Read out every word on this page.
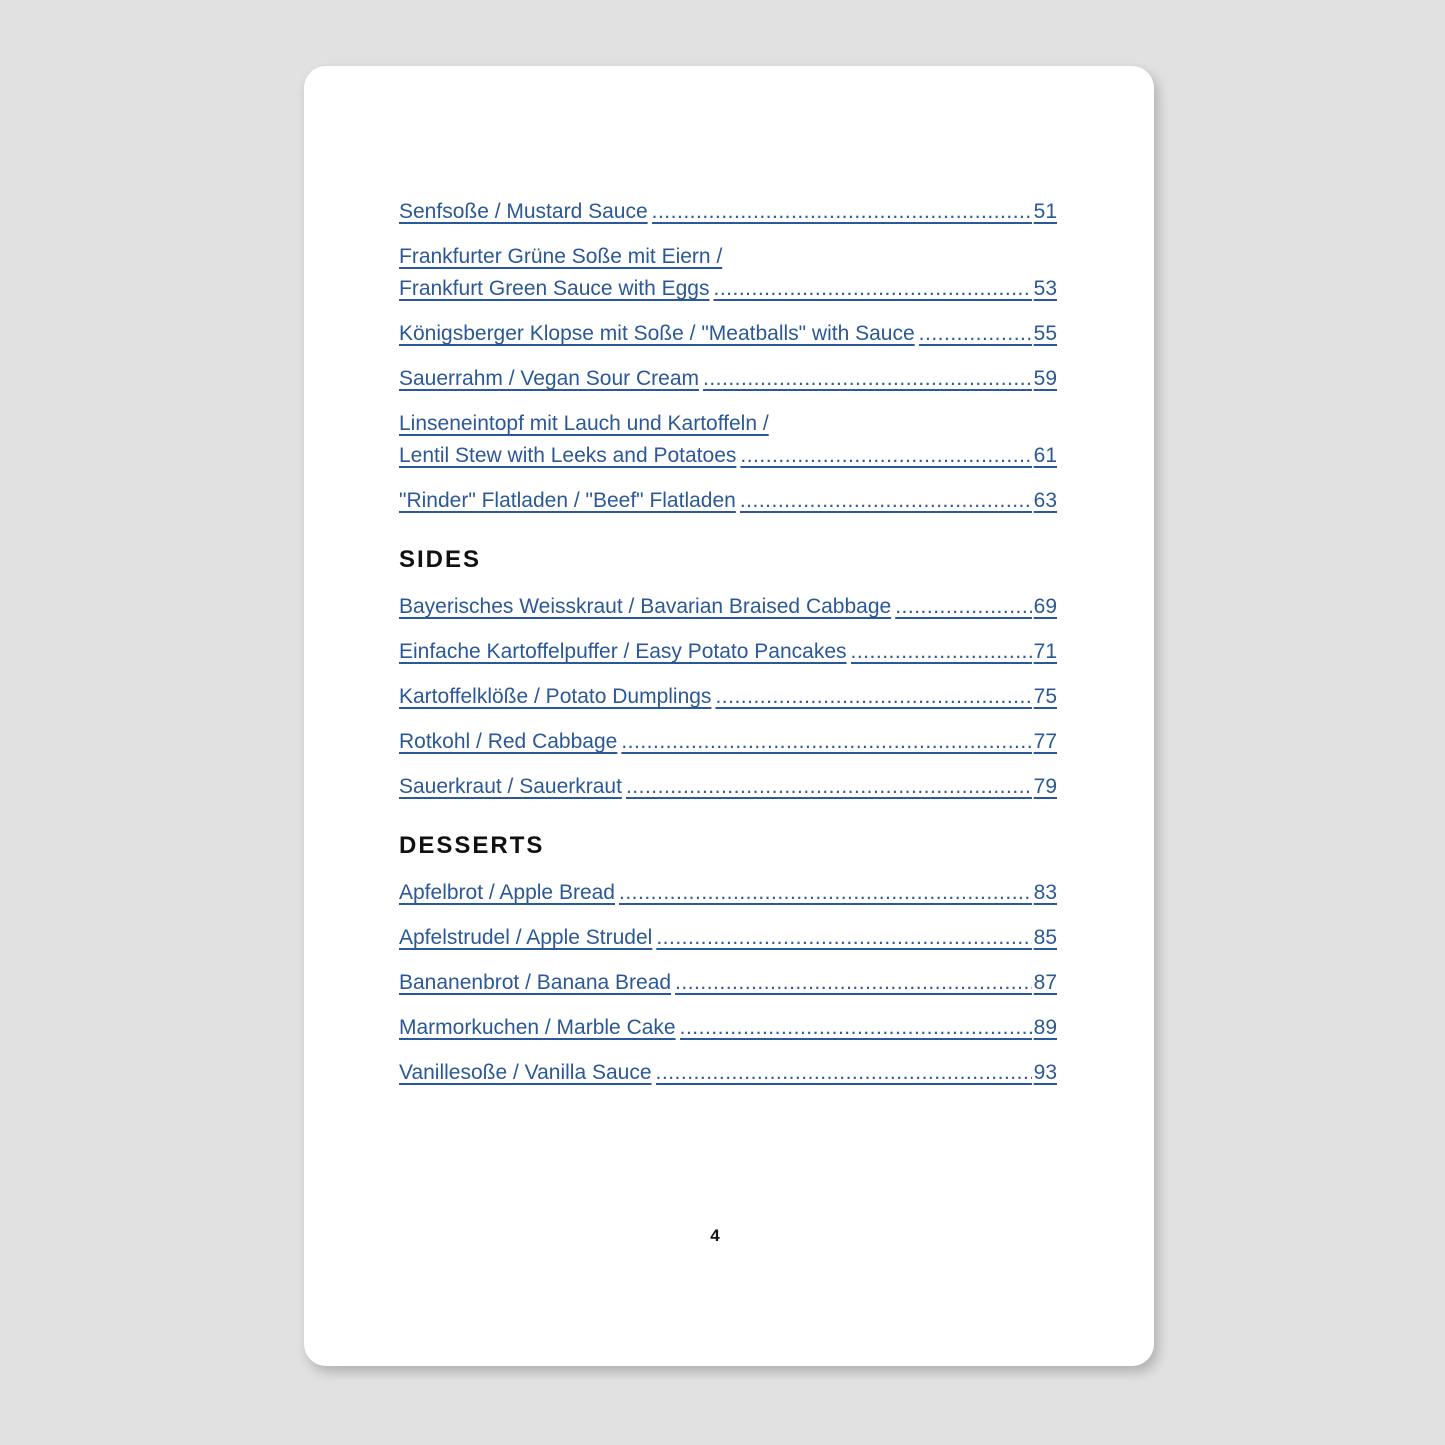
Senfsoße / Mustard Sauce .....	51
Frankfurter Grüne Soße mit Eiern /
Frankfurt Green Sauce with Eggs .....	53
Königsberger Klopse mit Soße / "Meatballs" with Sauce .....	55
Sauerrahm / Vegan Sour Cream .....	59
Linseneintopf mit Lauch und Kartoffeln /
Lentil Stew with Leeks and Potatoes .....	61
"Rinder" Flatladen / "Beef" Flatladen .....	63
SIDES
Bayerisches Weisskraut / Bavarian Braised Cabbage .....	69
Einfache Kartoffelpuffer / Easy Potato Pancakes .....	71
Kartoffelklöße / Potato Dumplings .....	75
Rotkohl / Red Cabbage .....	77
Sauerkraut / Sauerkraut .....	79
DESSERTS
Apfelbrot / Apple Bread .....	83
Apfelstrudel / Apple Strudel .....	85
Bananenbrot / Banana Bread .....	87
Marmorkuchen / Marble Cake .....	89
Vanillesoße / Vanilla Sauce .....	93
4
